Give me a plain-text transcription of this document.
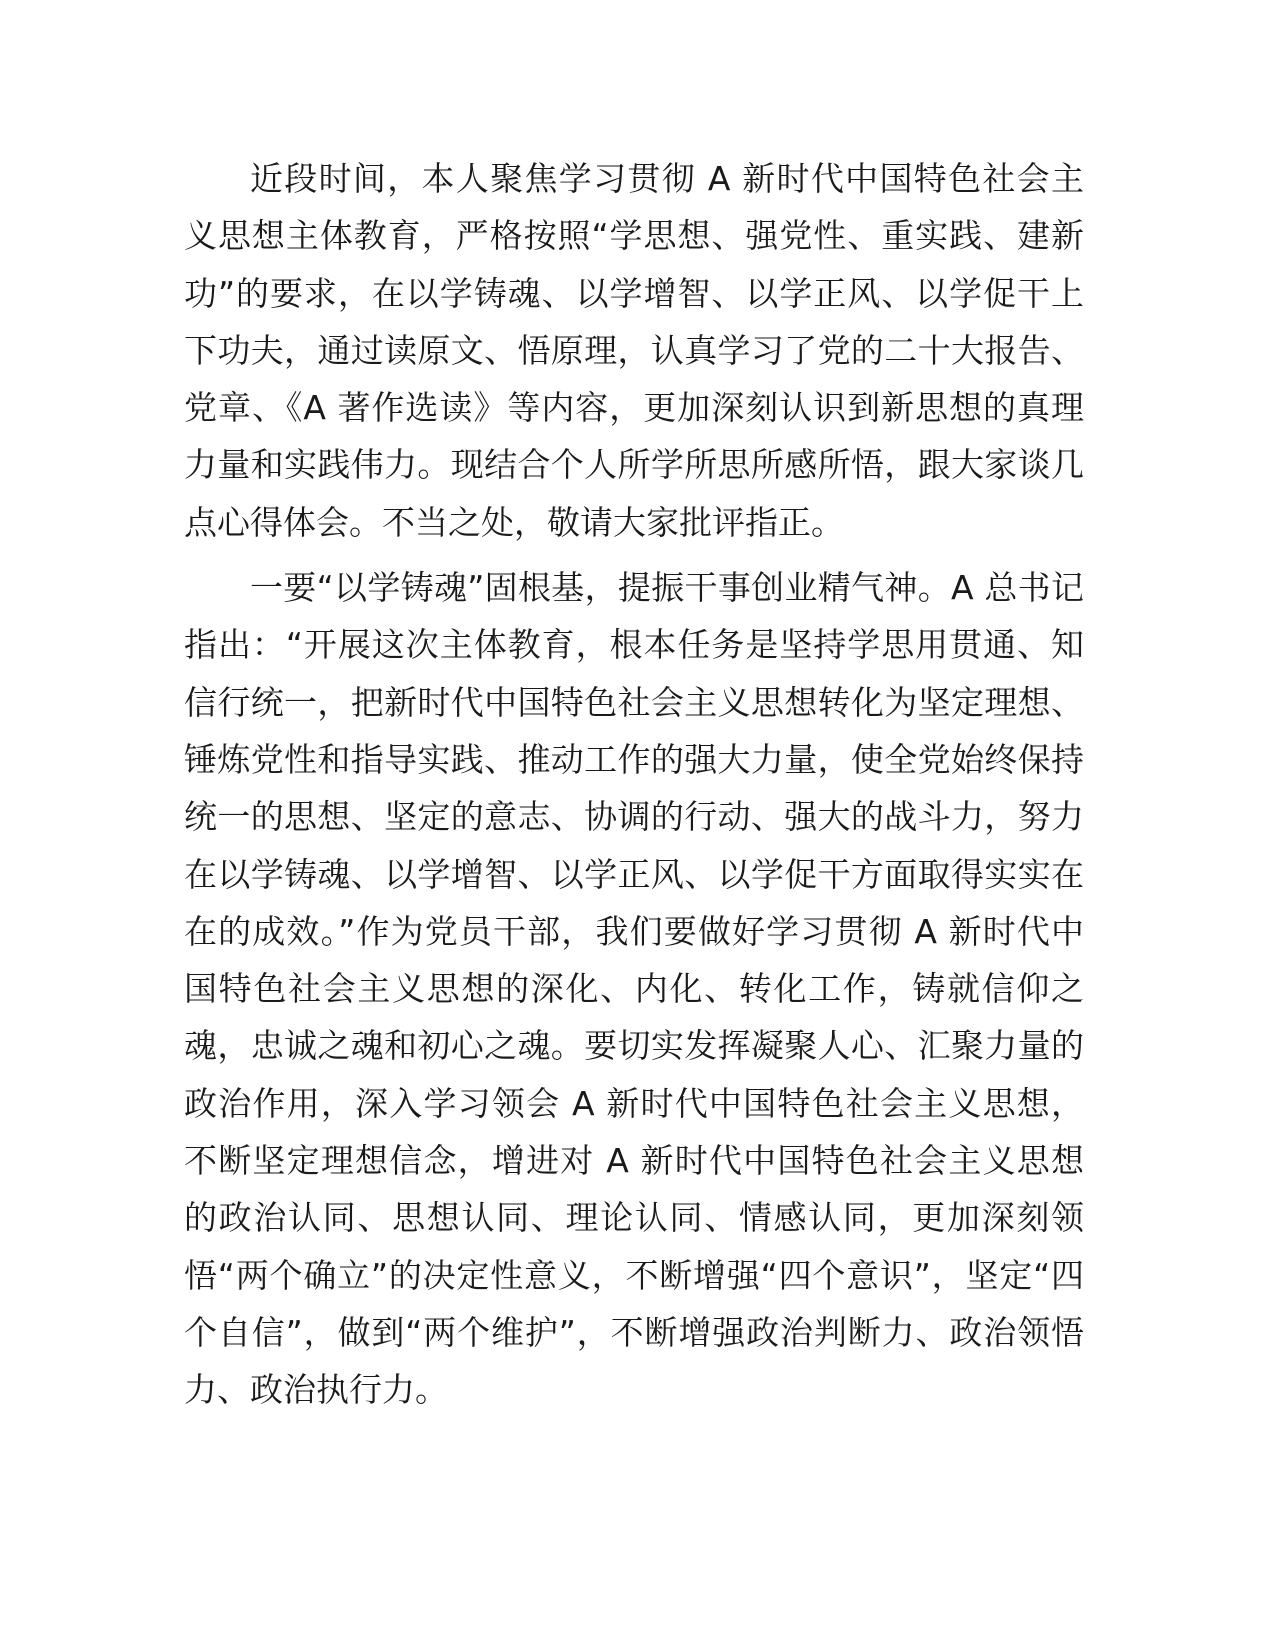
近段时间，本人聚焦学习贯彻 A 新时代中国特色社会主义思想主体教育，严格按照“学思想、强党性、重实践、建新功”的要求，在以学铸魂、以学增智、以学正风、以学促干上下功夫，通过读原文、悟原理，认真学习了党的二十大报告、党章、《A 著作选读》等内容，更加深刻认识到新思想的真理力量和实践伟力。现结合个人所学所思所感所悟，跟大家谈几点心得体会。不当之处，敬请大家批评指正。

一要“以学铸魂”固根基，提振干事创业精气神。A 总书记指出：“开展这次主体教育，根本任务是坚持学思用贯通、知信行统一，把新时代中国特色社会主义思想转化为坚定理想、锤炼党性和指导实践、推动工作的强大力量，使全党始终保持统一的思想、坚定的意志、协调的行动、强大的战斗力，努力在以学铸魂、以学增智、以学正风、以学促干方面取得实实在在的成效。”作为党员干部，我们要做好学习贯彻 A 新时代中国特色社会主义思想的深化、内化、转化工作，铸就信仰之魂，忠诚之魂和初心之魂。要切实发挥凝聚人心、汇聚力量的政治作用，深入学习领会 A 新时代中国特色社会主义思想，不断坚定理想信念，增进对 A 新时代中国特色社会主义思想的政治认同、思想认同、理论认同、情感认同，更加深刻领悟“两个确立”的决定性意义，不断增强“四个意识”，坚定“四个自信”，做到“两个维护”，不断增强政治判断力、政治领悟力、政治执行力。
